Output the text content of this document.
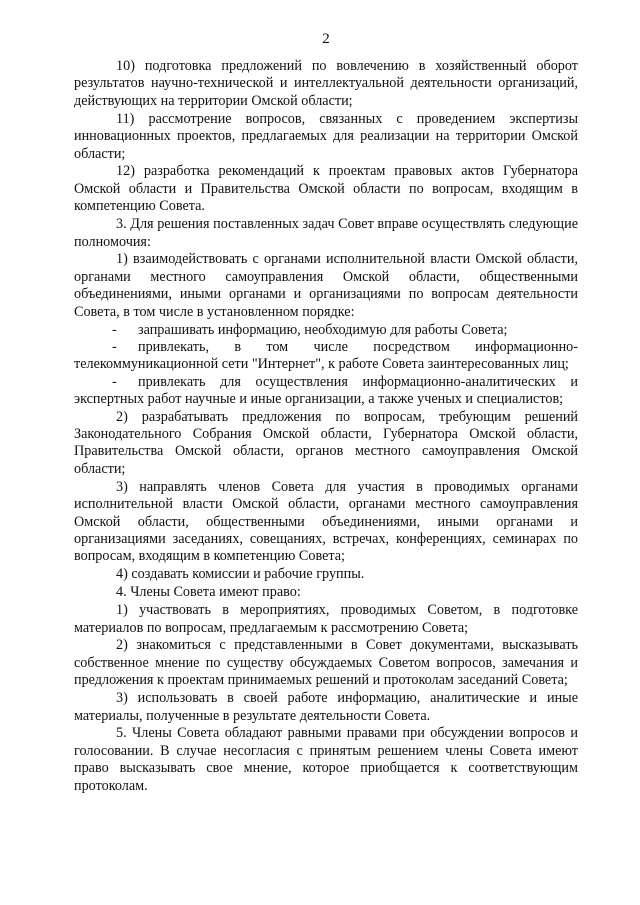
2
10) подготовка предложений по вовлечению в хозяйственный оборот результатов научно-технической и интеллектуальной деятельности организаций, действующих на территории Омской области;
11) рассмотрение вопросов, связанных с проведением экспертизы инновационных проектов, предлагаемых для реализации на территории Омской области;
12) разработка рекомендаций к проектам правовых актов Губернатора Омской области и Правительства Омской области по вопросам, входящим в компетенцию Совета.
3. Для решения поставленных задач Совет вправе осуществлять следующие полномочия:
1) взаимодействовать с органами исполнительной власти Омской области, органами местного самоуправления Омской области, общественными объединениями, иными органами и организациями по вопросам деятельности Совета, в том числе в установленном порядке:
- запрашивать информацию, необходимую для работы Совета;
- привлекать, в том числе посредством информационно-телекоммуникационной сети "Интернет", к работе Совета заинтересованных лиц;
- привлекать для осуществления информационно-аналитических и экспертных работ научные и иные организации, а также ученых и специалистов;
2) разрабатывать предложения по вопросам, требующим решений Законодательного Собрания Омской области, Губернатора Омской области, Правительства Омской области, органов местного самоуправления Омской области;
3) направлять членов Совета для участия в проводимых органами исполнительной власти Омской области, органами местного самоуправления Омской области, общественными объединениями, иными органами и организациями заседаниях, совещаниях, встречах, конференциях, семинарах по вопросам, входящим в компетенцию Совета;
4) создавать комиссии и рабочие группы.
4. Члены Совета имеют право:
1) участвовать в мероприятиях, проводимых Советом, в подготовке материалов по вопросам, предлагаемым к рассмотрению Совета;
2) знакомиться с представленными в Совет документами, высказывать собственное мнение по существу обсуждаемых Советом вопросов, замечания и предложения к проектам принимаемых решений и протоколам заседаний Совета;
3) использовать в своей работе информацию, аналитические и иные материалы, полученные в результате деятельности Совета.
5. Члены Совета обладают равными правами при обсуждении вопросов и голосовании. В случае несогласия с принятым решением члены Совета имеют право высказывать свое мнение, которое приобщается к соответствующим протоколам.
